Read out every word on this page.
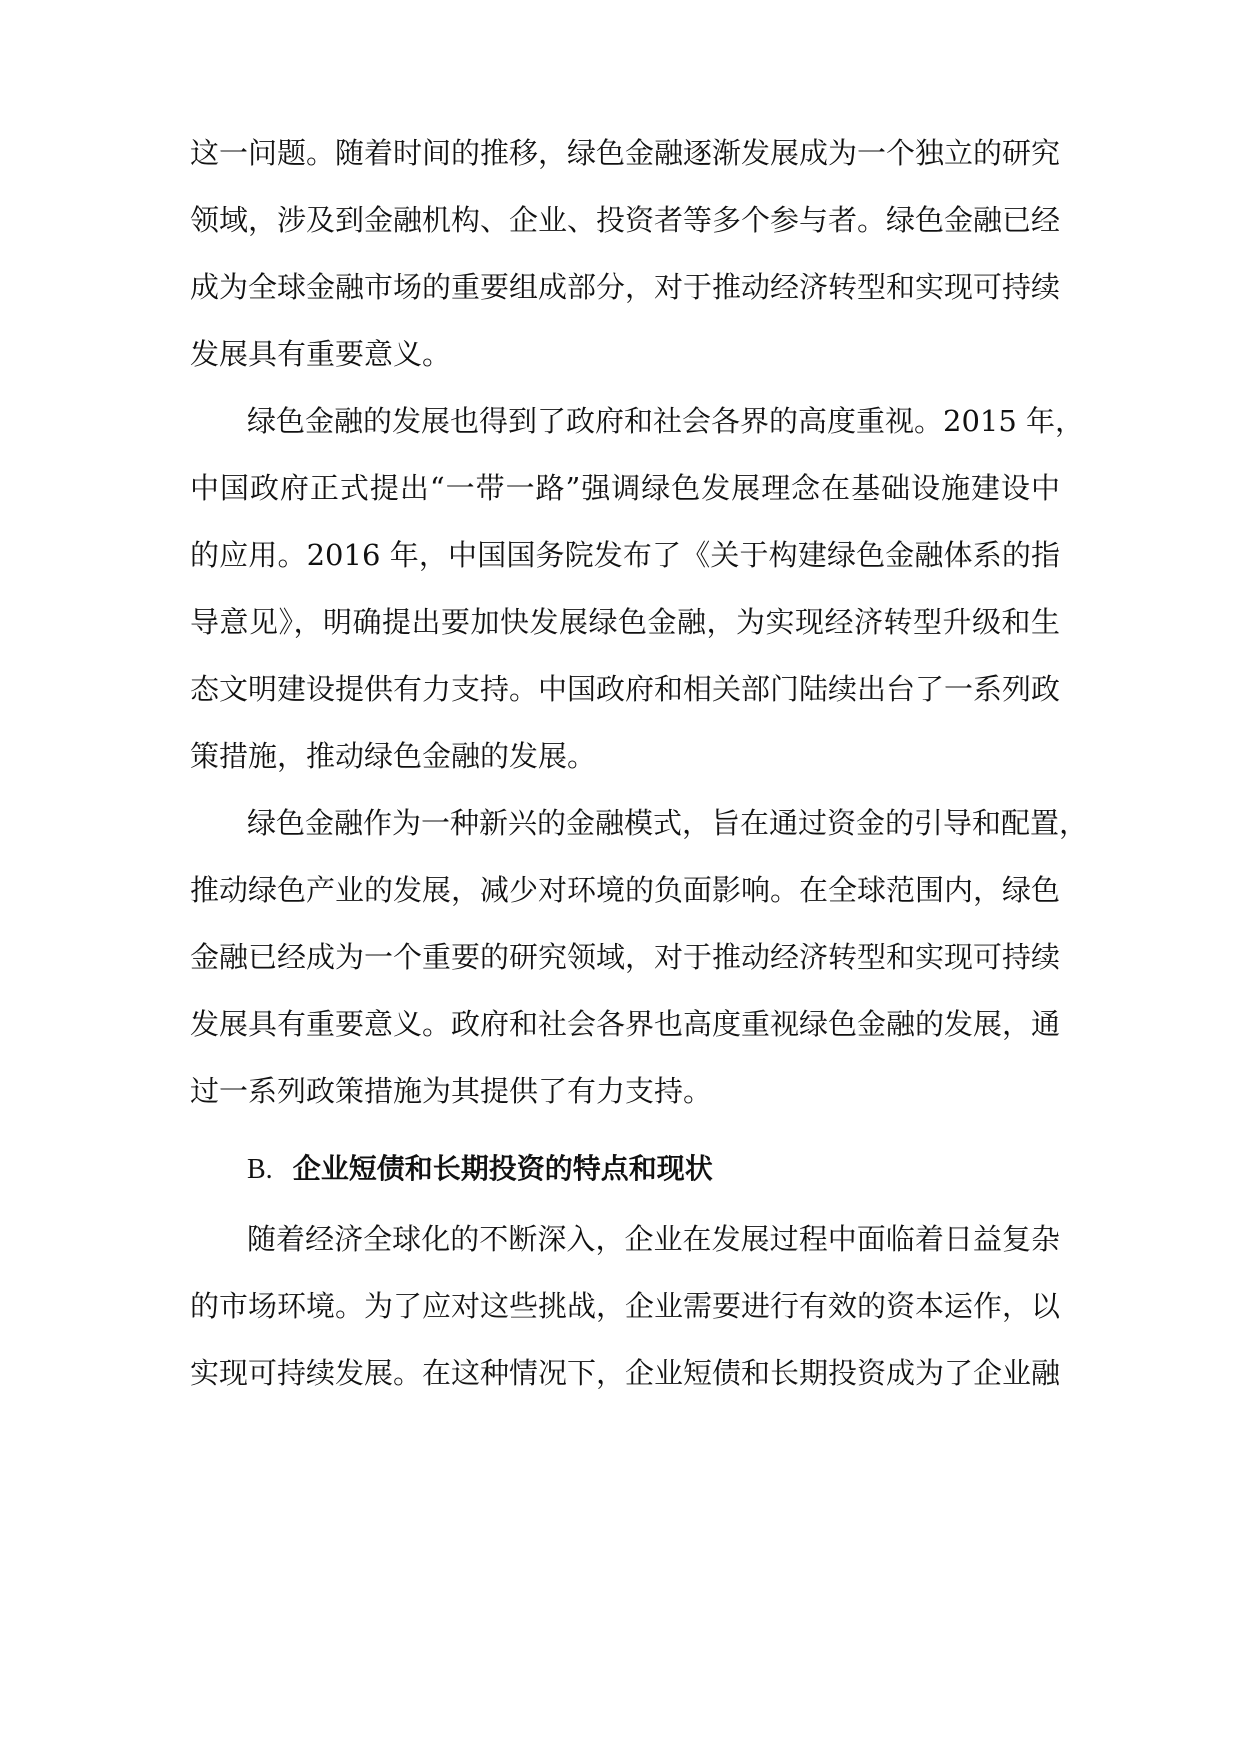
这一问题。随着时间的推移，绿色金融逐渐发展成为一个独立的研究
领域，涉及到金融机构、企业、投资者等多个参与者。绿色金融已经
成为全球金融市场的重要组成部分，对于推动经济转型和实现可持续
发展具有重要意义。
绿色金融的发展也得到了政府和社会各界的高度重视。2015 年，
中国政府正式提出“一带一路”强调绿色发展理念在基础设施建设中
的应用。2016 年，中国国务院发布了《关于构建绿色金融体系的指
导意见》，明确提出要加快发展绿色金融，为实现经济转型升级和生
态文明建设提供有力支持。中国政府和相关部门陆续出台了一系列政
策措施，推动绿色金融的发展。
绿色金融作为一种新兴的金融模式，旨在通过资金的引导和配置，
推动绿色产业的发展，减少对环境的负面影响。在全球范围内，绿色
金融已经成为一个重要的研究领域，对于推动经济转型和实现可持续
发展具有重要意义。政府和社会各界也高度重视绿色金融的发展，通
过一系列政策措施为其提供了有力支持。
B. 企业短债和长期投资的特点和现状
随着经济全球化的不断深入，企业在发展过程中面临着日益复杂
的市场环境。为了应对这些挑战，企业需要进行有效的资本运作，以
实现可持续发展。在这种情况下，企业短债和长期投资成为了企业融
